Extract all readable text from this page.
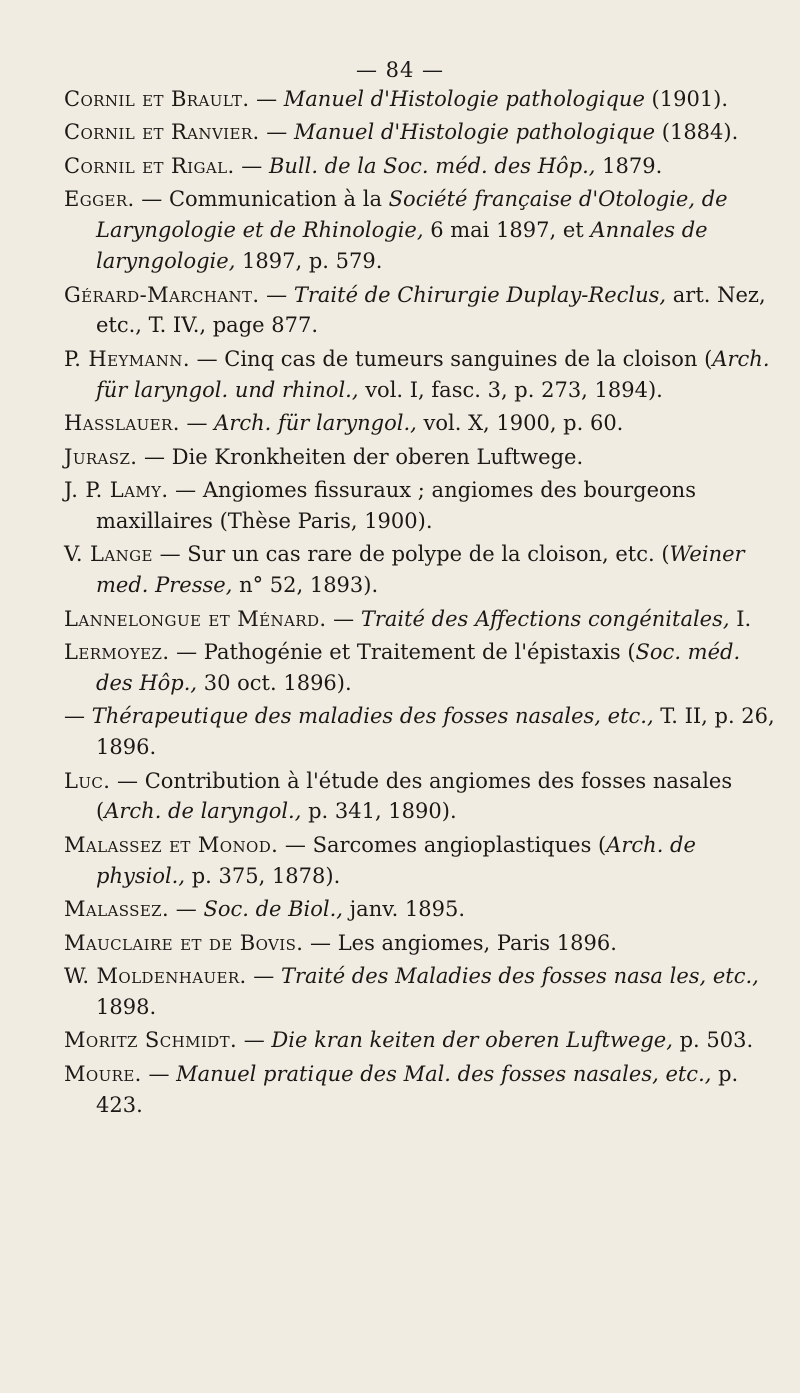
— 84 —

Cornil et Brault. — Manuel d'Histologie pathologique (1901).

Cornil et Ranvier. — Manuel d'Histologie pathologique (1884).

Cornil et Rigal. — Bull. de la Soc. méd. des Hôp., 1879.

Egger. — Communication à la Société française d'Otologie, de Laryngologie et de Rhinologie, 6 mai 1897, et Annales de laryngologie, 1897, p. 579.

Gérard-Marchant. — Traité de Chirurgie Duplay-Reclus, art. Nez, etc., T. IV., page 877.

P. Heymann. — Cinq cas de tumeurs sanguines de la cloison (Arch. für laryngol. und rhinol., vol. I, fasc. 3, p. 273, 1894).

Hasslauer. — Arch. für laryngol., vol. X, 1900, p. 60.

Jurasz. — Die Kronkheiten der oberen Luftwege.

J. P. Lamy. — Angiomes fissuraux ; angiomes des bourgeons maxillaires (Thèse Paris, 1900).

V. Lange — Sur un cas rare de polype de la cloison, etc. (Weiner med. Presse, n° 52, 1893).

Lannelongue et Ménard. — Traité des Affections congénitales, I.

Lermoyez. — Pathogénie et Traitement de l'épistaxis (Soc. méd. des Hôp., 30 oct. 1896).

— Thérapeutique des maladies des fosses nasales, etc., T. II, p. 26, 1896.

Luc. — Contribution à l'étude des angiomes des fosses nasales (Arch. de laryngol., p. 341, 1890).

Malassez et Monod. — Sarcomes angioplastiques (Arch. de physiol., p. 375, 1878).

Malassez. — Soc. de Biol., janv. 1895.

Mauclaire et de Bovis. — Les angiomes, Paris 1896.

W. Moldenhauer. — Traité des Maladies des fosses nasa les, etc., 1898.

Moritz Schmidt. — Die kran keiten der oberen Luftwege, p. 503.

Moure. — Manuel pratique des Mal. des fosses nasales, etc., p. 423.
